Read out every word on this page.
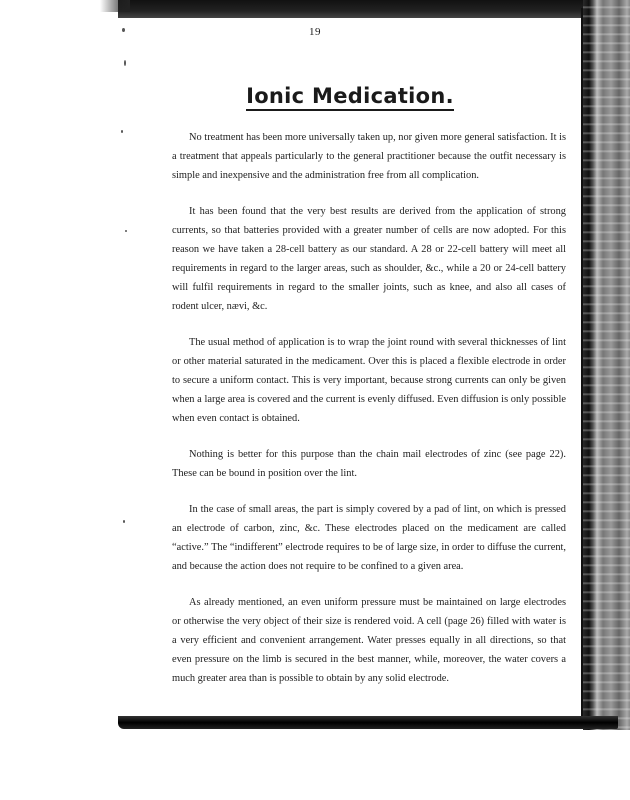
19
Ionic Medication.

No treatment has been more universally taken up, nor given more general satisfaction. It is a treatment that appeals particularly to the general practitioner because the outfit necessary is simple and inexpensive and the administration free from all complication.

It has been found that the very best results are derived from the application of strong currents, so that batteries provided with a greater number of cells are now adopted. For this reason we have taken a 28-cell battery as our standard. A 28 or 22-cell battery will meet all requirements in regard to the larger areas, such as shoulder, &c., while a 20 or 24-cell battery will fulfil requirements in regard to the smaller joints, such as knee, and also all cases of rodent ulcer, nævi, &c.

The usual method of application is to wrap the joint round with several thicknesses of lint or other material saturated in the medicament. Over this is placed a flexible electrode in order to secure a uniform contact. This is very important, because strong currents can only be given when a large area is covered and the current is evenly diffused. Even diffusion is only possible when even contact is obtained.

Nothing is better for this purpose than the chain mail electrodes of zinc (see page 22). These can be bound in position over the lint.

In the case of small areas, the part is simply covered by a pad of lint, on which is pressed an electrode of carbon, zinc, &c. These electrodes placed on the medicament are called “active.” The “indifferent” electrode requires to be of large size, in order to diffuse the current, and because the action does not require to be confined to a given area.

As already mentioned, an even uniform pressure must be maintained on large electrodes or otherwise the very object of their size is rendered void. A cell (page 26) filled with water is a very efficient and convenient arrangement. Water presses equally in all directions, so that even pressure on the limb is secured in the best manner, while, moreover, the water covers a much greater area than is possible to obtain by any solid electrode.
